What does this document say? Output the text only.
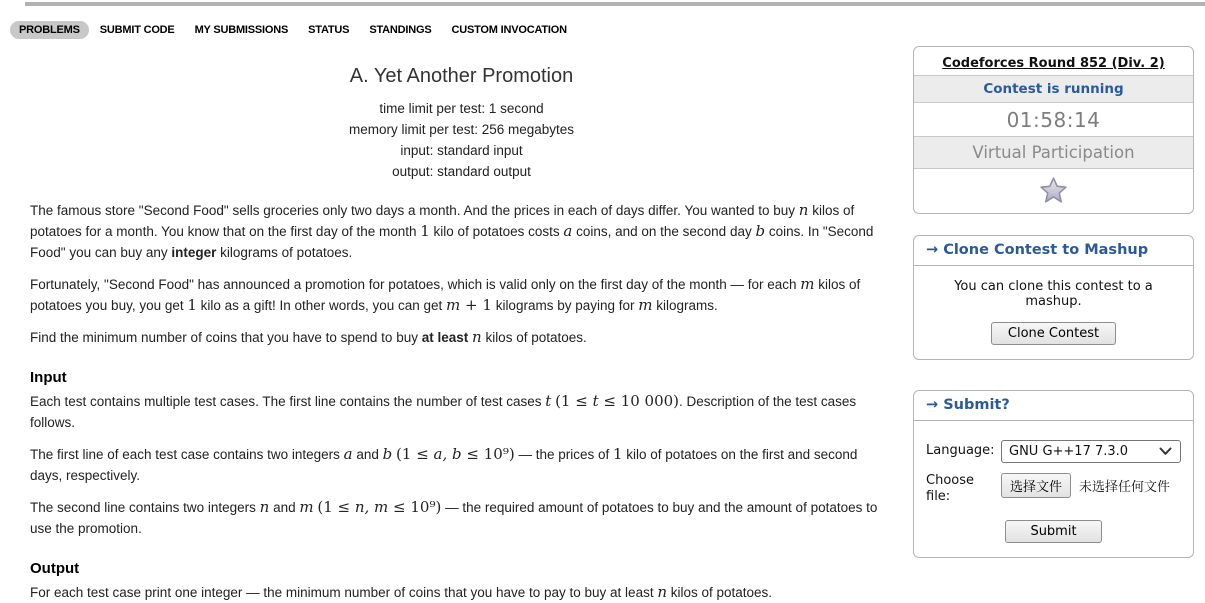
PROBLEMS	SUBMIT CODE	MY SUBMISSIONS	STATUS	STANDINGS	CUSTOM INVOCATION
A. Yet Another Promotion
time limit per test: 1 second
memory limit per test: 256 megabytes
input: standard input
output: standard output

The famous store "Second Food" sells groceries only two days a month. And the prices in each of days differ. You wanted to buy n kilos of potatoes for a month. You know that on the first day of the month 1 kilo of potatoes costs a coins, and on the second day b coins. In "Second Food" you can buy any integer kilograms of potatoes.

Fortunately, "Second Food" has announced a promotion for potatoes, which is valid only on the first day of the month — for each m kilos of potatoes you buy, you get 1 kilo as a gift! In other words, you can get m + 1 kilograms by paying for m kilograms.

Find the minimum number of coins that you have to spend to buy at least n kilos of potatoes.

Input

Each test contains multiple test cases. The first line contains the number of test cases t (1 ≤ t ≤ 10 000). Description of the test cases follows.

The first line of each test case contains two integers a and b (1 ≤ a, b ≤ 10⁹) — the prices of 1 kilo of potatoes on the first and second days, respectively.

The second line contains two integers n and m (1 ≤ n, m ≤ 10⁹) — the required amount of potatoes to buy and the amount of potatoes to use the promotion.

Output

For each test case print one integer — the minimum number of coins that you have to pay to buy at least n kilos of potatoes.

Codeforces Round 852 (Div. 2)
Contest is running
01:58:14
Virtual Participation
→ Clone Contest to Mashup
You can clone this contest to a mashup.
Clone Contest
→ Submit?
Language:	GNU G++17 7.3.0
Choose file:
选择文件	未选择任何文件
Submit
